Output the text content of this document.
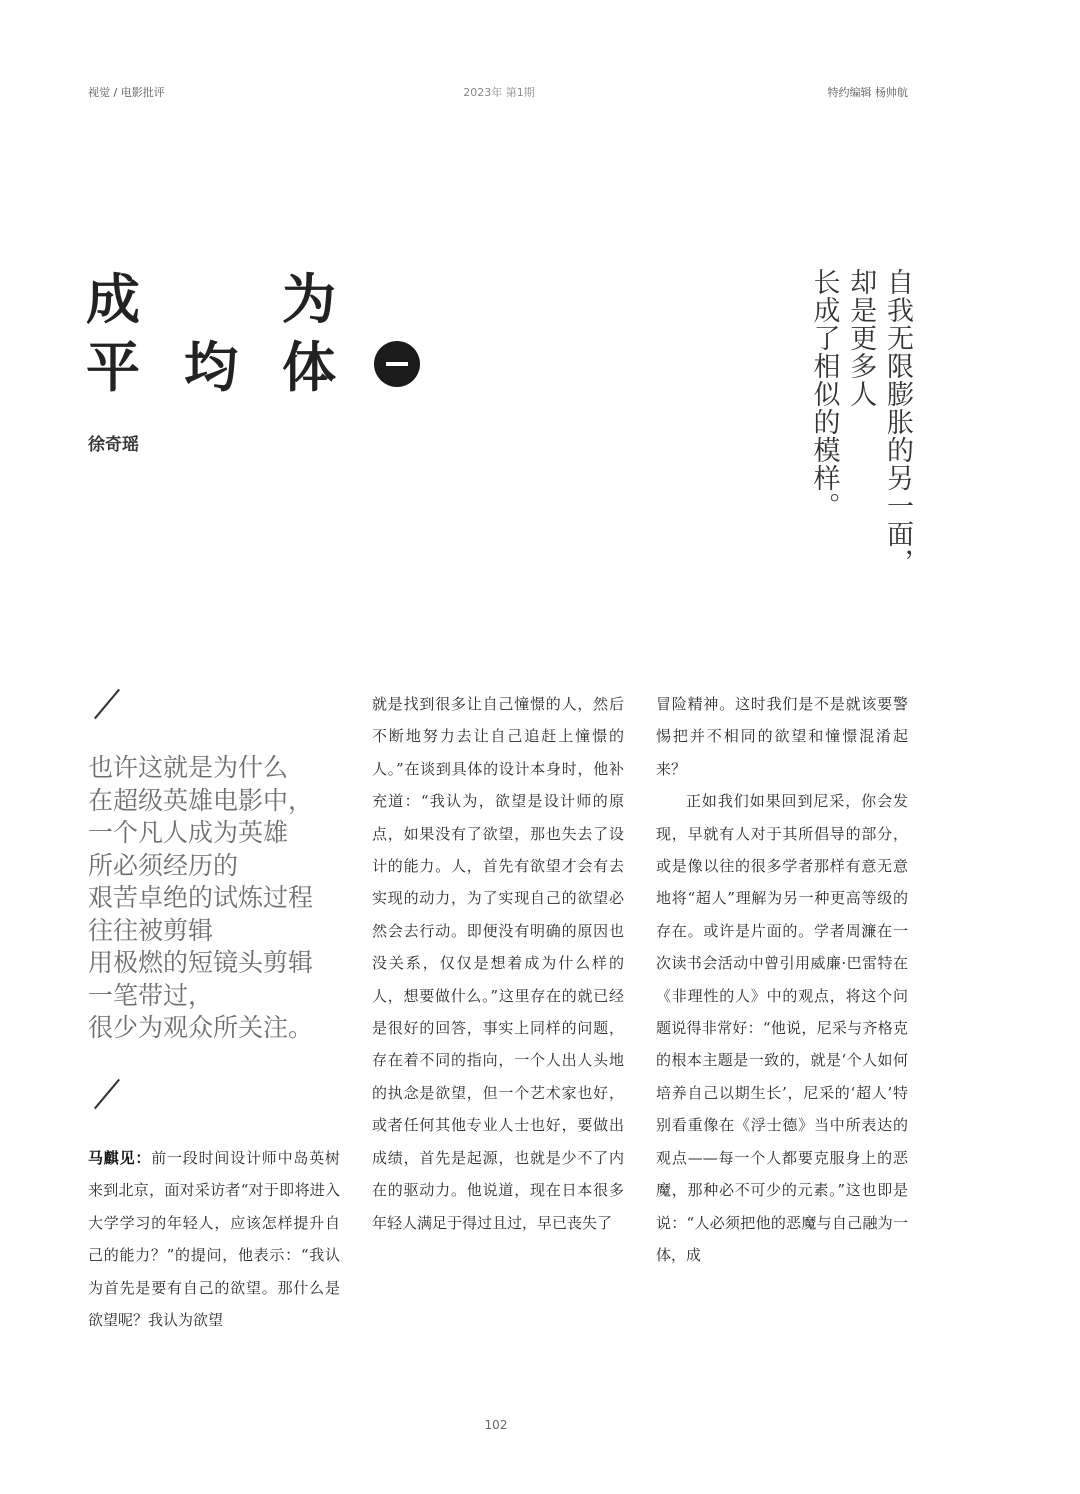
视觉 / 电影批评	2023年 第1期	特约编辑 杨帅航
成	为
平 均 体
徐奇瑶	自我无限膨胀的另一面，
却是更多人
长成了相似的模样。

也许这就是为什么

在超级英雄电影中，

一个凡人成为英雄

所必须经历的

艰苦卓绝的试炼过程

往往被剪辑

用极燃的短镜头剪辑

一笔带过，

很少为观众所关注。

马麒见：前一段时间设计师中岛英树来到北京，面对采访者“对于即将进入大学学习的年轻人，应该怎样提升自己的能力？”的提问，他表示：“我认为首先是要有自己的欲望。那什么是欲望呢？我认为欲望

就是找到很多让自己憧憬的人，然后不断地努力去让自己追赶上憧憬的人。”在谈到具体的设计本身时，他补充道：“我认为，欲望是设计师的原点，如果没有了欲望，那也失去了设计的能力。人，首先有欲望才会有去实现的动力，为了实现自己的欲望必然会去行动。即便没有明确的原因也没关系，仅仅是想着成为什么样的人，想要做什么。”这里存在的就已经是很好的回答，事实上同样的问题，存在着不同的指向，一个人出人头地的执念是欲望，但一个艺术家也好，或者任何其他专业人士也好，要做出成绩，首先是起源，也就是少不了内在的驱动力。他说道，现在日本很多年轻人满足于得过且过，早已丧失了

冒险精神。这时我们是不是就该要警惕把并不相同的欲望和憧憬混淆起来？

正如我们如果回到尼采，你会发现，早就有人对于其所倡导的部分，或是像以往的很多学者那样有意无意地将“超人”理解为另一种更高等级的存在。或许是片面的。学者周濂在一次读书会活动中曾引用威廉·巴雷特在《非理性的人》中的观点，将这个问题说得非常好：“他说，尼采与齐格克的根本主题是一致的，就是‘个人如何培养自己以期生长’，尼采的‘超人’特别看重像在《浮士德》当中所表达的观点——每一个人都要克服身上的恶魔，那种必不可少的元素。”这也即是说：“人必须把他的恶魔与自己融为一体，成

102
